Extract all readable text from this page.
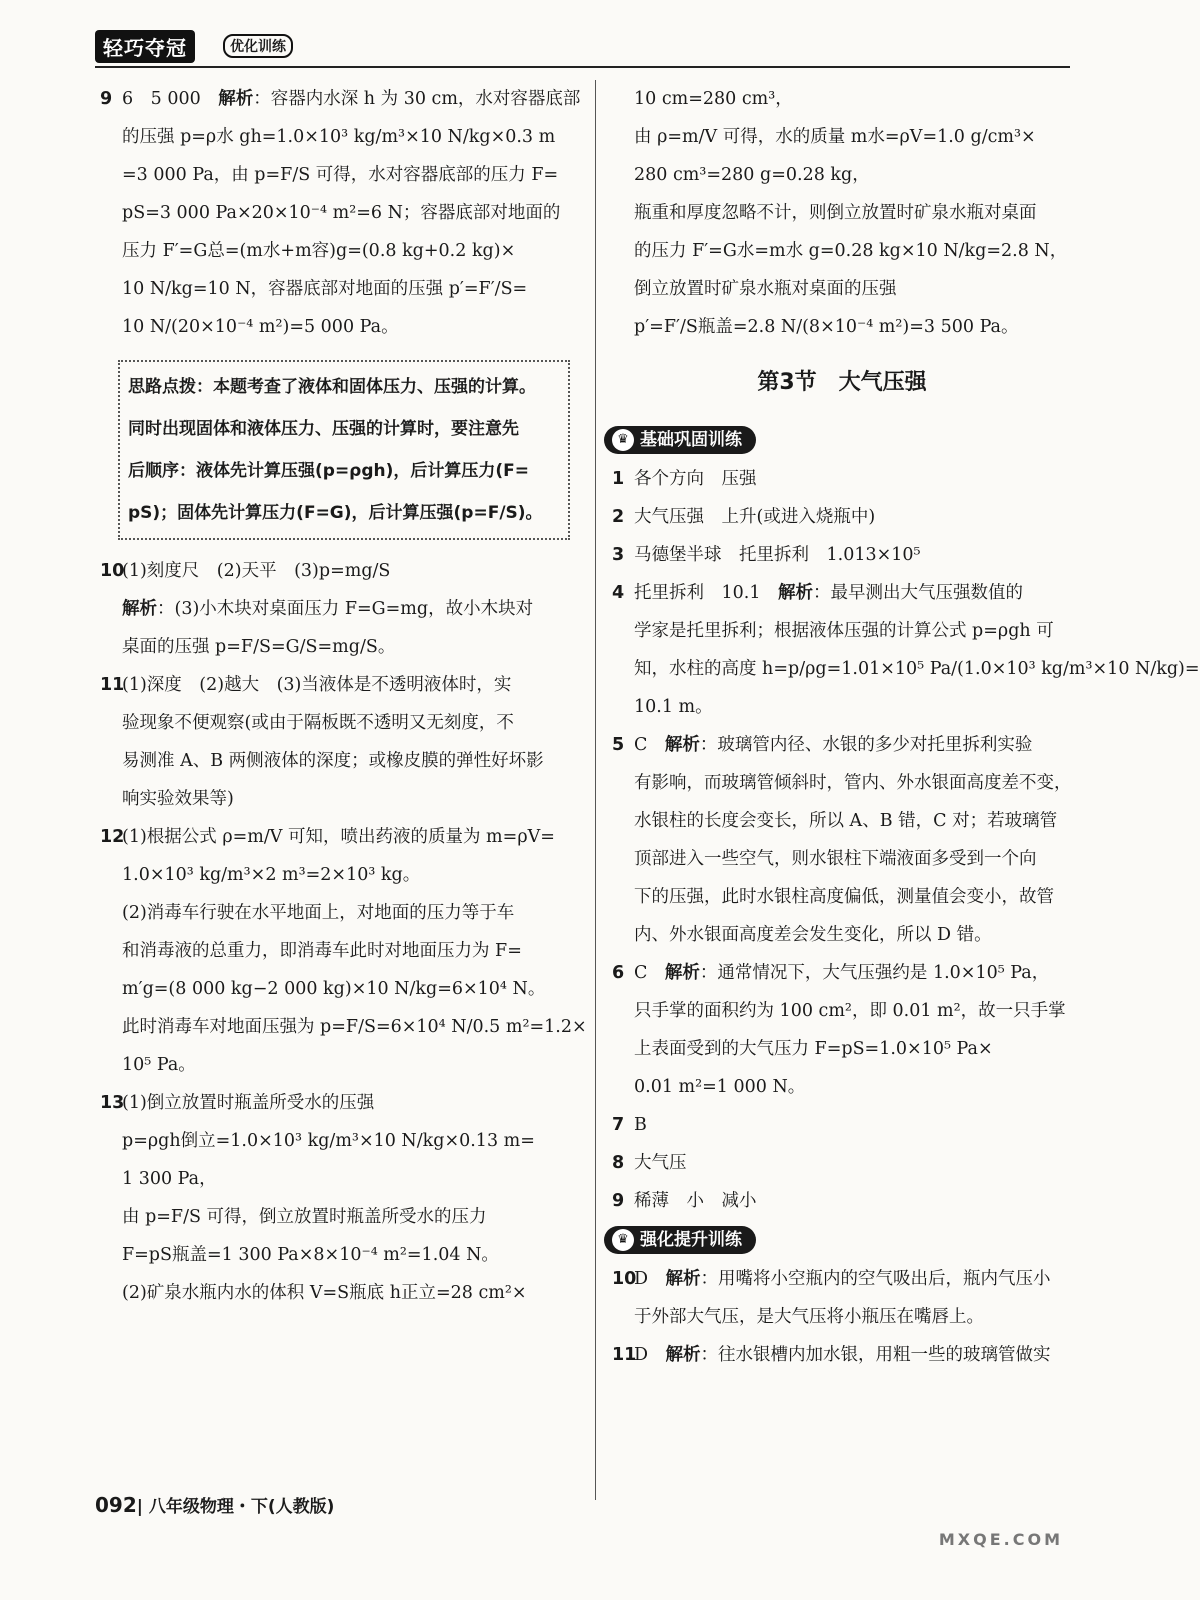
轻巧夺冠	优化训练

9 6　5 000　解析：容器内水深 h 为 30 cm，水对容器底部

的压强 p=ρ水 gh=1.0×10³ kg/m³×10 N/kg×0.3 m

=3 000 Pa，由 p=F/S 可得，水对容器底部的压力 F=

pS=3 000 Pa×20×10⁻⁴ m²=6 N；容器底部对地面的

压力 F′=G总=(m水+m容)g=(0.8 kg+0.2 kg)×

10 N/kg=10 N，容器底部对地面的压强 p′=F′/S=

10 N/(20×10⁻⁴ m²)=5 000 Pa。

思路点拨：本题考查了液体和固体压力、压强的计算。
同时出现固体和液体压力、压强的计算时，要注意先
后顺序：液体先计算压强(p=ρgh)，后计算压力(F=
pS)；固体先计算压力(F=G)，后计算压强(p=F/S)。

10(1)刻度尺　(2)天平　(3)p=mg/S

解析：(3)小木块对桌面压力 F=G=mg，故小木块对

桌面的压强 p=F/S=G/S=mg/S。

11(1)深度　(2)越大　(3)当液体是不透明液体时，实

验现象不便观察(或由于隔板既不透明又无刻度，不

易测准 A、B 两侧液体的深度；或橡皮膜的弹性好坏影

响实验效果等)

12(1)根据公式 ρ=m/V 可知，喷出药液的质量为 m=ρV=

1.0×10³ kg/m³×2 m³=2×10³ kg。

(2)消毒车行驶在水平地面上，对地面的压力等于车

和消毒液的总重力，即消毒车此时对地面压力为 F=

m′g=(8 000 kg−2 000 kg)×10 N/kg=6×10⁴ N。

此时消毒车对地面压强为 p=F/S=6×10⁴ N/0.5 m²=1.2×

10⁵ Pa。

13(1)倒立放置时瓶盖所受水的压强

p=ρgh倒立=1.0×10³ kg/m³×10 N/kg×0.13 m=

1 300 Pa，

由 p=F/S 可得，倒立放置时瓶盖所受水的压力

F=pS瓶盖=1 300 Pa×8×10⁻⁴ m²=1.04 N。

(2)矿泉水瓶内水的体积 V=S瓶底 h正立=28 cm²×

10 cm=280 cm³，

由 ρ=m/V 可得，水的质量 m水=ρV=1.0 g/cm³×

280 cm³=280 g=0.28 kg，

瓶重和厚度忽略不计，则倒立放置时矿泉水瓶对桌面

的压力 F′=G水=m水 g=0.28 kg×10 N/kg=2.8 N，

倒立放置时矿泉水瓶对桌面的压强

p′=F′/S瓶盖=2.8 N/(8×10⁻⁴ m²)=3 500 Pa。

第3节　大气压强
♛ 基础巩固训练

1 各个方向　压强

2 大气压强　上升(或进入烧瓶中)

3 马德堡半球　托里拆利　1.013×10⁵

4 托里拆利　10.1　解析：最早测出大气压强数值的

学家是托里拆利；根据液体压强的计算公式 p=ρgh 可

知，水柱的高度 h=p/ρg=1.01×10⁵ Pa/(1.0×10³ kg/m³×10 N/kg)=

10.1 m。

5 C　解析：玻璃管内径、水银的多少对托里拆利实验

有影响，而玻璃管倾斜时，管内、外水银面高度差不变，

水银柱的长度会变长，所以 A、B 错，C 对；若玻璃管

顶部进入一些空气，则水银柱下端液面多受到一个向

下的压强，此时水银柱高度偏低，测量值会变小，故管

内、外水银面高度差会发生变化，所以 D 错。

6 C　解析：通常情况下，大气压强约是 1.0×10⁵ Pa，

只手掌的面积约为 100 cm²，即 0.01 m²，故一只手掌

上表面受到的大气压力 F=pS=1.0×10⁵ Pa×

0.01 m²=1 000 N。

7 B

8 大气压

9 稀薄　小　减小

♛ 强化提升训练

10D　解析：用嘴将小空瓶内的空气吸出后，瓶内气压小

于外部大气压，是大气压将小瓶压在嘴唇上。

11D　解析：往水银槽内加水银，用粗一些的玻璃管做实

092| 八年级物理・下(人教版)
MXQE.COM
